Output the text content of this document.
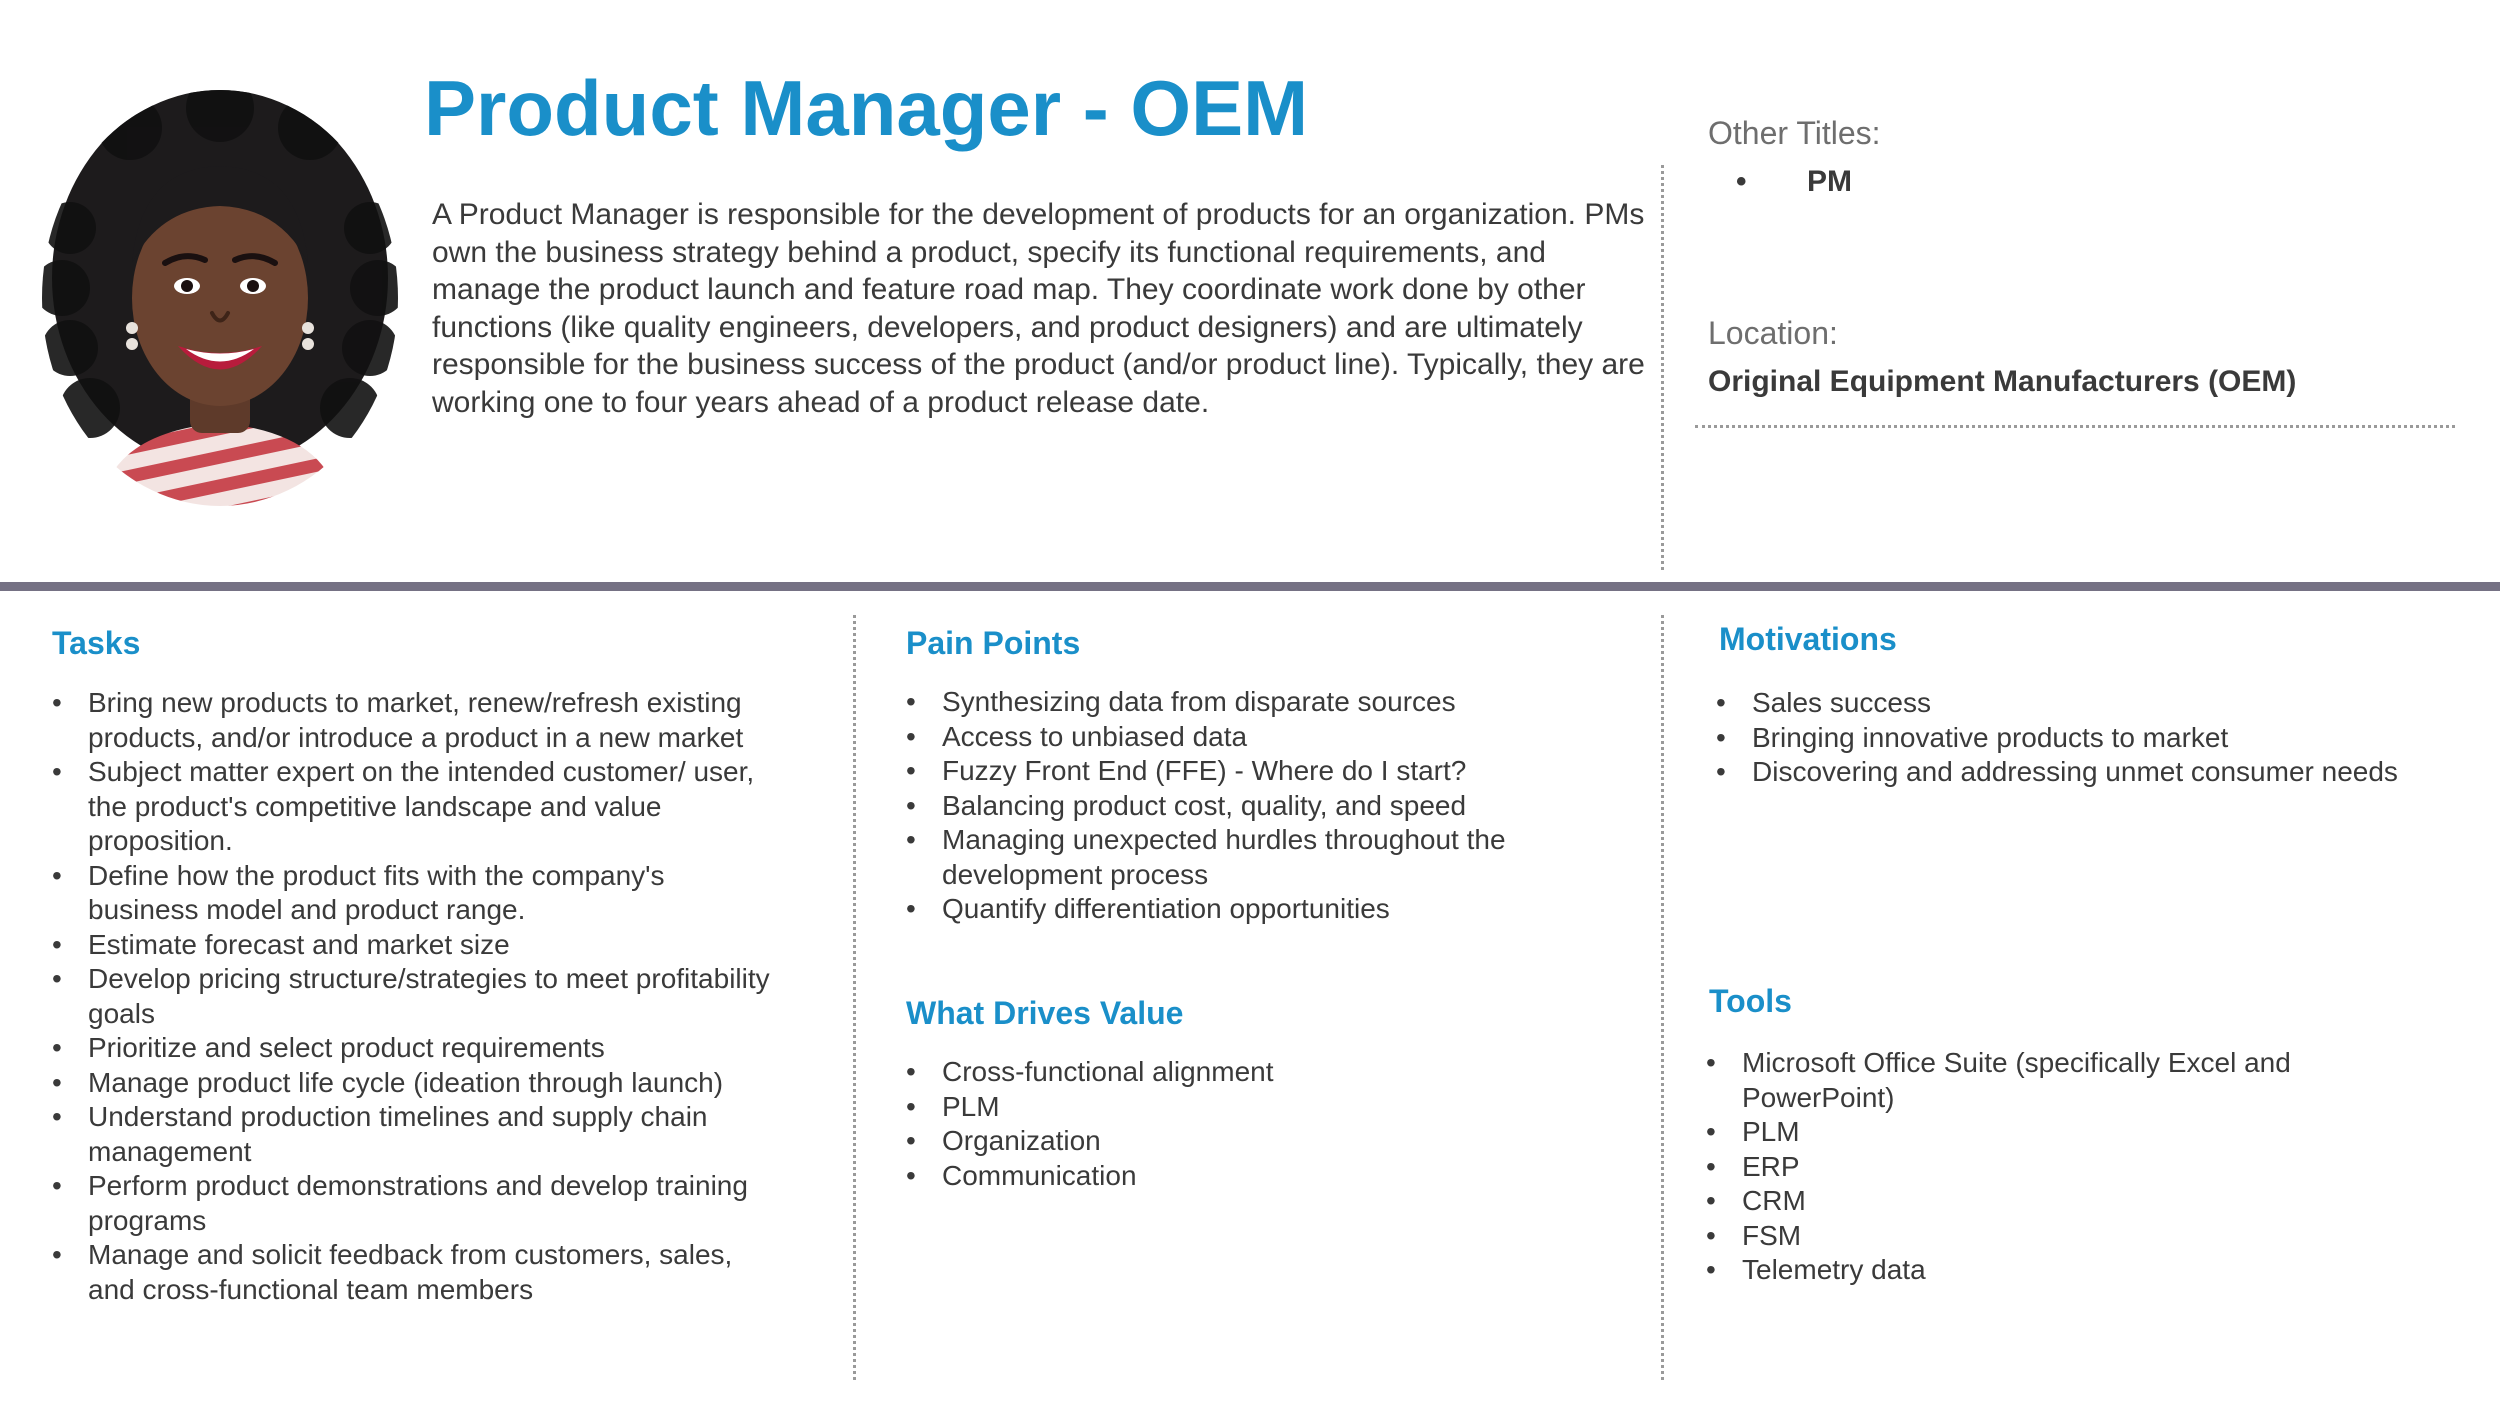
Product Manager - OEM

A Product Manager is responsible for the development of products for an organization. PMs own the business strategy behind a product, specify its functional requirements, and manage the product launch and feature road map. They coordinate work done by other functions (like quality engineers, developers, and product designers) and are ultimately responsible for the business success of the product (and/or product line). Typically, they are working one to four years ahead of a product release date.

Other Titles:
• PM
Location:
Original Equipment Manufacturers (OEM)
Tasks
• Bring new products to market, renew/refresh existing products, and/or introduce a product in a new market
• Subject matter expert on the intended customer/ user, the product's competitive landscape and value proposition.
• Define how the product fits with the company's business model and product range.
• Estimate forecast and market size
• Develop pricing structure/strategies to meet profitability goals
• Prioritize and select product requirements
• Manage product life cycle (ideation through launch)
• Understand production timelines and supply chain management
• Perform product demonstrations and develop training programs
• Manage and solicit feedback from customers, sales, and cross-functional team members
Pain Points
• Synthesizing data from disparate sources
• Access to unbiased data
• Fuzzy Front End (FFE) - Where do I start?
• Balancing product cost, quality, and speed
• Managing unexpected hurdles throughout the development process
• Quantify differentiation opportunities
What Drives Value
• Cross-functional alignment
• PLM
• Organization
• Communication
Motivations
• Sales success
• Bringing innovative products to market
• Discovering and addressing unmet consumer needs
Tools
• Microsoft Office Suite (specifically Excel and PowerPoint)
• PLM
• ERP
• CRM
• FSM
• Telemetry data
